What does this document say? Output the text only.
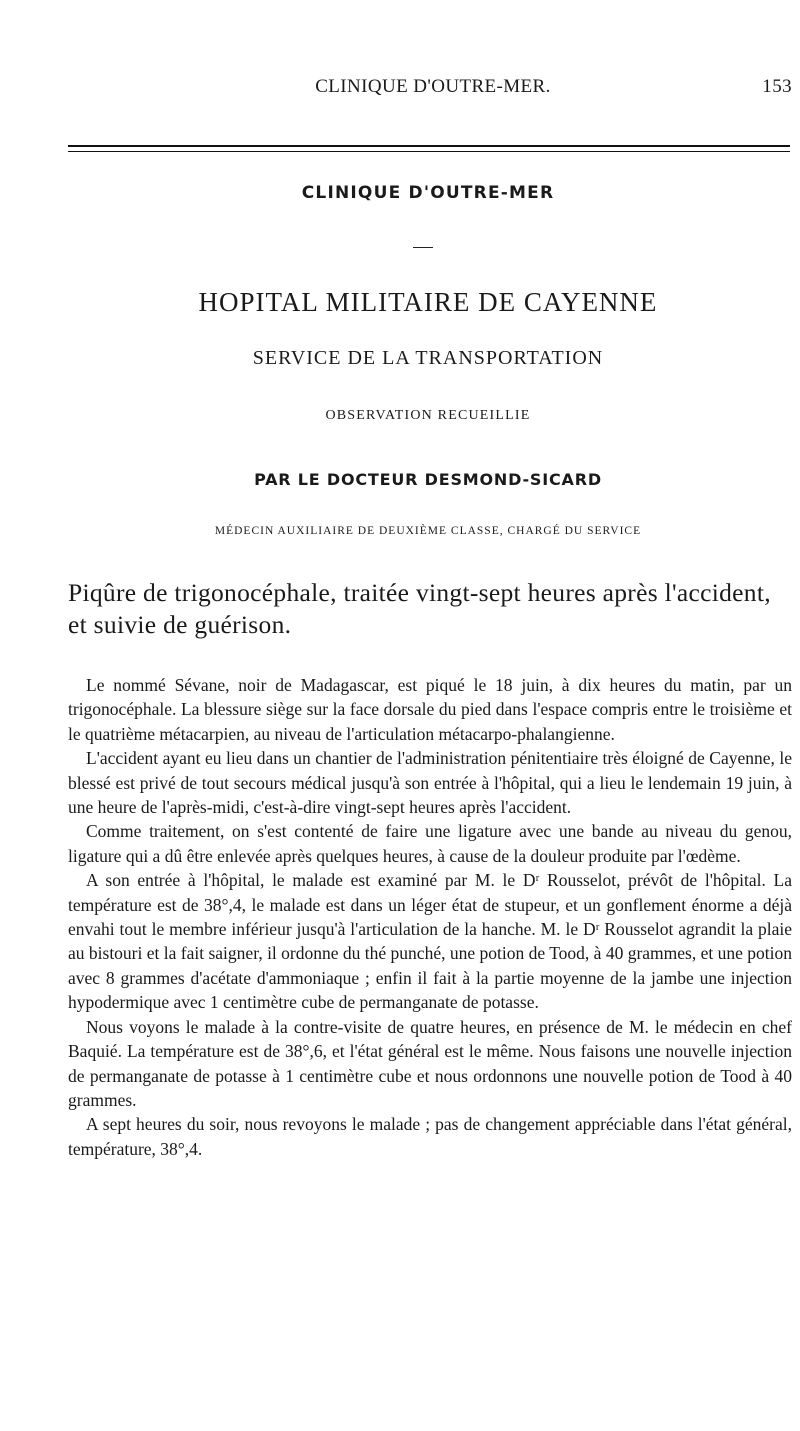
CLINIQUE D'OUTRE-MER.	153
CLINIQUE D'OUTRE-MER
HOPITAL MILITAIRE DE CAYENNE
SERVICE DE LA TRANSPORTATION
OBSERVATION RECUEILLIE
PAR LE DOCTEUR DESMOND-SICARD
MÉDECIN AUXILIAIRE DE DEUXIÈME CLASSE, CHARGÉ DU SERVICE
Piqûre de trigonocéphale, traitée vingt-sept heures après l'accident, et suivie de guérison.

Le nommé Sévane, noir de Madagascar, est piqué le 18 juin, à dix heures du matin, par un trigonocéphale. La blessure siège sur la face dorsale du pied dans l'espace compris entre le troisième et le quatrième métacarpien, au niveau de l'articulation métacarpo-phalangienne.

L'accident ayant eu lieu dans un chantier de l'administration pénitentiaire très éloigné de Cayenne, le blessé est privé de tout secours médical jusqu'à son entrée à l'hôpital, qui a lieu le lendemain 19 juin, à une heure de l'après-midi, c'est-à-dire vingt-sept heures après l'accident.

Comme traitement, on s'est contenté de faire une ligature avec une bande au niveau du genou, ligature qui a dû être enlevée après quelques heures, à cause de la douleur produite par l'œdème.

A son entrée à l'hôpital, le malade est examiné par M. le Dʳ Rousselot, prévôt de l'hôpital. La température est de 38°,4, le malade est dans un léger état de stupeur, et un gonflement énorme a déjà envahi tout le membre inférieur jusqu'à l'articulation de la hanche. M. le Dʳ Rousselot agrandit la plaie au bistouri et la fait saigner, il ordonne du thé punché, une potion de Tood, à 40 grammes, et une potion avec 8 grammes d'acétate d'ammoniaque ; enfin il fait à la partie moyenne de la jambe une injection hypodermique avec 1 centimètre cube de permanganate de potasse.

Nous voyons le malade à la contre-visite de quatre heures, en présence de M. le médecin en chef Baquié. La température est de 38°,6, et l'état général est le même. Nous faisons une nouvelle injection de permanganate de potasse à 1 centimètre cube et nous ordonnons une nouvelle potion de Tood à 40 grammes.

A sept heures du soir, nous revoyons le malade ; pas de changement appréciable dans l'état général, température, 38°,4.
